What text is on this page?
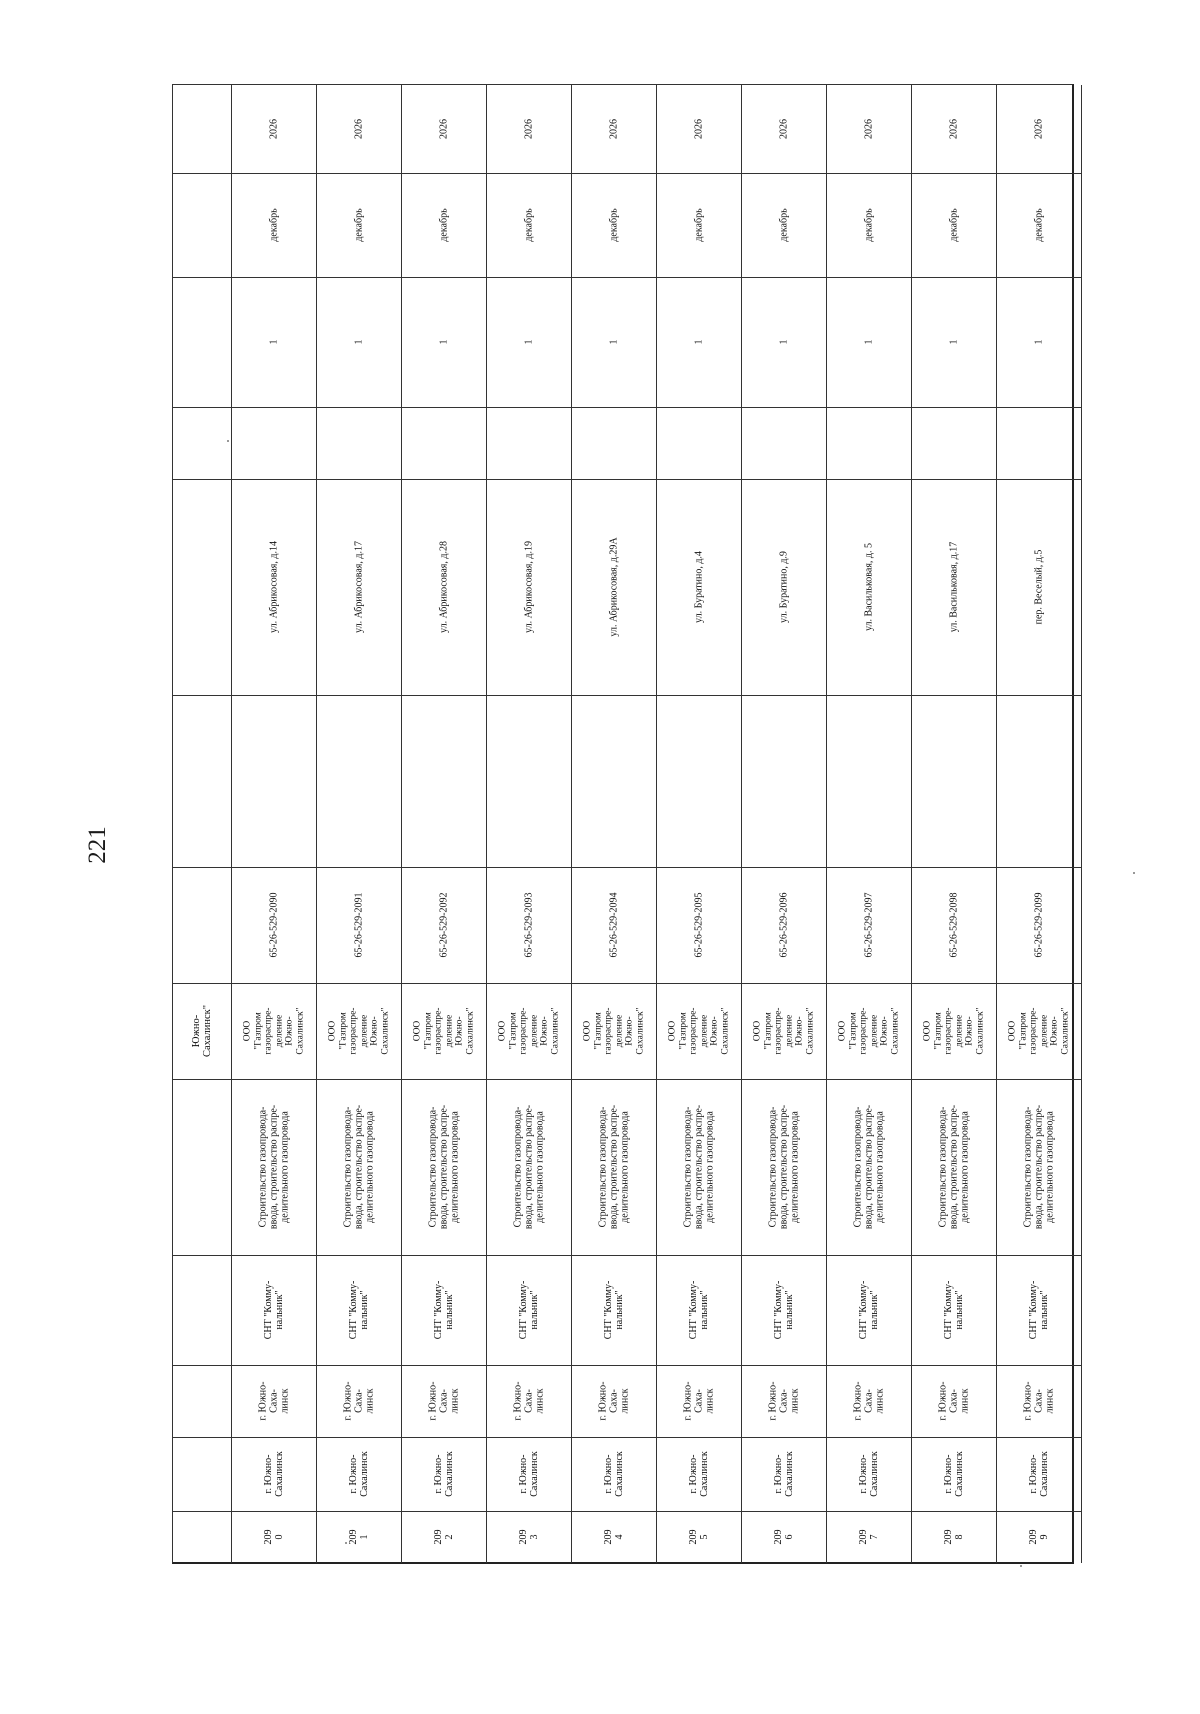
221
Южно-
Сахалинск"
2026
декабрь
1
ул. Абрикосовая, д.14
65-26-529-2090
ООО
"Газпром
газораспре-
деление
Южно-
Сахалинск"
Строительство газопровода-
ввода, строительство распре-
делительного газопровода
СНТ "Комму-
нальник"
г. Южно-
Саха-
линск
г. Южно-
Сахалинск
209
0
2026
декабрь
1
ул. Абрикосовая, д.17
65-26-529-2091
ООО
"Газпром
газораспре-
деление
Южно-
Сахалинск"
Строительство газопровода-
ввода, строительство распре-
делительного газопровода
СНТ "Комму-
нальник"
г. Южно-
Саха-
линск
г. Южно-
Сахалинск
209
1
2026
декабрь
1
ул. Абрикосовая, д.28
65-26-529-2092
ООО
"Газпром
газораспре-
деление
Южно-
Сахалинск"
Строительство газопровода-
ввода, строительство распре-
делительного газопровода
СНТ "Комму-
нальник"
г. Южно-
Саха-
линск
г. Южно-
Сахалинск
209
2
2026
декабрь
1
ул. Абрикосовая, д.19
65-26-529-2093
ООО
"Газпром
газораспре-
деление
Южно-
Сахалинск"
Строительство газопровода-
ввода, строительство распре-
делительного газопровода
СНТ "Комму-
нальник"
г. Южно-
Саха-
линск
г. Южно-
Сахалинск
209
3
2026
декабрь
1
ул. Абрикосовая, д.29А
65-26-529-2094
ООО
"Газпром
газораспре-
деление
Южно-
Сахалинск"
Строительство газопровода-
ввода, строительство распре-
делительного газопровода
СНТ "Комму-
нальник"
г. Южно-
Саха-
линск
г. Южно-
Сахалинск
209
4
2026
декабрь
1
ул. Буратино, д.4
65-26-529-2095
ООО
"Газпром
газораспре-
деление
Южно-
Сахалинск"
Строительство газопровода-
ввода, строительство распре-
делительного газопровода
СНТ "Комму-
нальник"
г. Южно-
Саха-
линск
г. Южно-
Сахалинск
209
5
2026
декабрь
1
ул. Буратино, д.9
65-26-529-2096
ООО
"Газпром
газораспре-
деление
Южно-
Сахалинск"
Строительство газопровода-
ввода, строительство распре-
делительного газопровода
СНТ "Комму-
нальник"
г. Южно-
Саха-
линск
г. Южно-
Сахалинск
209
6
2026
декабрь
1
ул. Васильковая, д. 5
65-26-529-2097
ООО
"Газпром
газораспре-
деление
Южно-
Сахалинск"
Строительство газопровода-
ввода, строительство распре-
делительного газопровода
СНТ "Комму-
нальник"
г. Южно-
Саха-
линск
г. Южно-
Сахалинск
209
7
2026
декабрь
1
ул. Васильковая, д.17
65-26-529-2098
ООО
"Газпром
газораспре-
деление
Южно-
Сахалинск"
Строительство газопровода-
ввода, строительство распре-
делительного газопровода
СНТ "Комму-
нальник"
г. Южно-
Саха-
линск
г. Южно-
Сахалинск
209
8
2026
декабрь
1
пер. Веселый, д.5
65-26-529-2099
ООО
"Газпром
газораспре-
деление
Южно-
Сахалинск"
Строительство газопровода-
ввода, строительство распре-
делительного газопровода
СНТ "Комму-
нальник"
г. Южно-
Саха-
линск
г. Южно-
Сахалинск
209
9
